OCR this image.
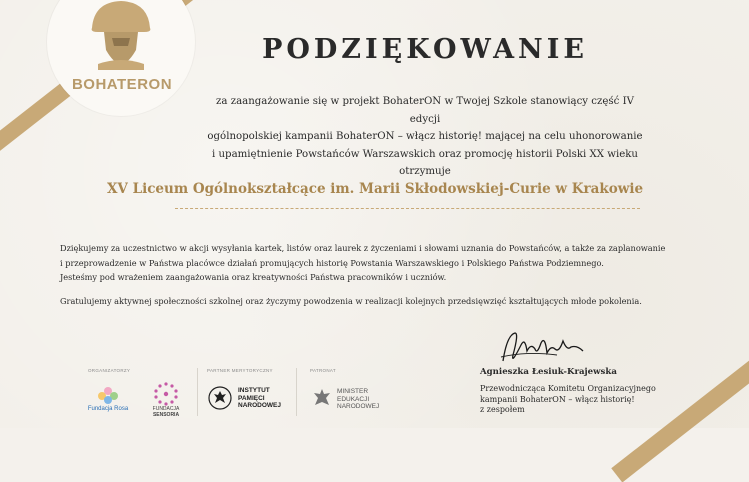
BOHATERON
PODZIĘKOWANIE
za zaangażowanie się w projekt BohaterON w Twojej Szkole stanowiący część IV edycji
ogólnopolskiej kampanii BohaterON – włącz historię! mającej na celu uhonorowanie
i upamiętnienie Powstańców Warszawskich oraz promocję historii Polski XX wieku
otrzymuje
XV Liceum Ogólnokształcące im. Marii Skłodowskiej-Curie w Krakowie

Dziękujemy za uczestnictwo w akcji wysyłania kartek, listów oraz laurek z życzeniami i słowami uznania do Powstańców, a także za zaplanowanie

i przeprowadzenie w Państwa placówce działań promujących historię Powstania Warszawskiego i Polskiego Państwa Podziemnego.

Jesteśmy pod wrażeniem zaangażowania oraz kreatywności Państwa pracowników i uczniów.

Gratulujemy aktywnej społeczności szkolnej oraz życzymy powodzenia w realizacji kolejnych przedsięwzięć kształtujących młode pokolenia.

Agnieszka Łesiuk-Krajewska
Przewodnicząca Komitetu Organizacyjnego
kampanii BohaterON – włącz historię!
z zespołem
ORGANIZATORZY	PARTNER MERYTORYCZNY	PATRONAT
Fundacja Rosa	FUNDACJA
SENSORIA
INSTYTUT
PAMIĘCI
NARODOWEJ
MINISTER
EDUKACJI
NARODOWEJ
